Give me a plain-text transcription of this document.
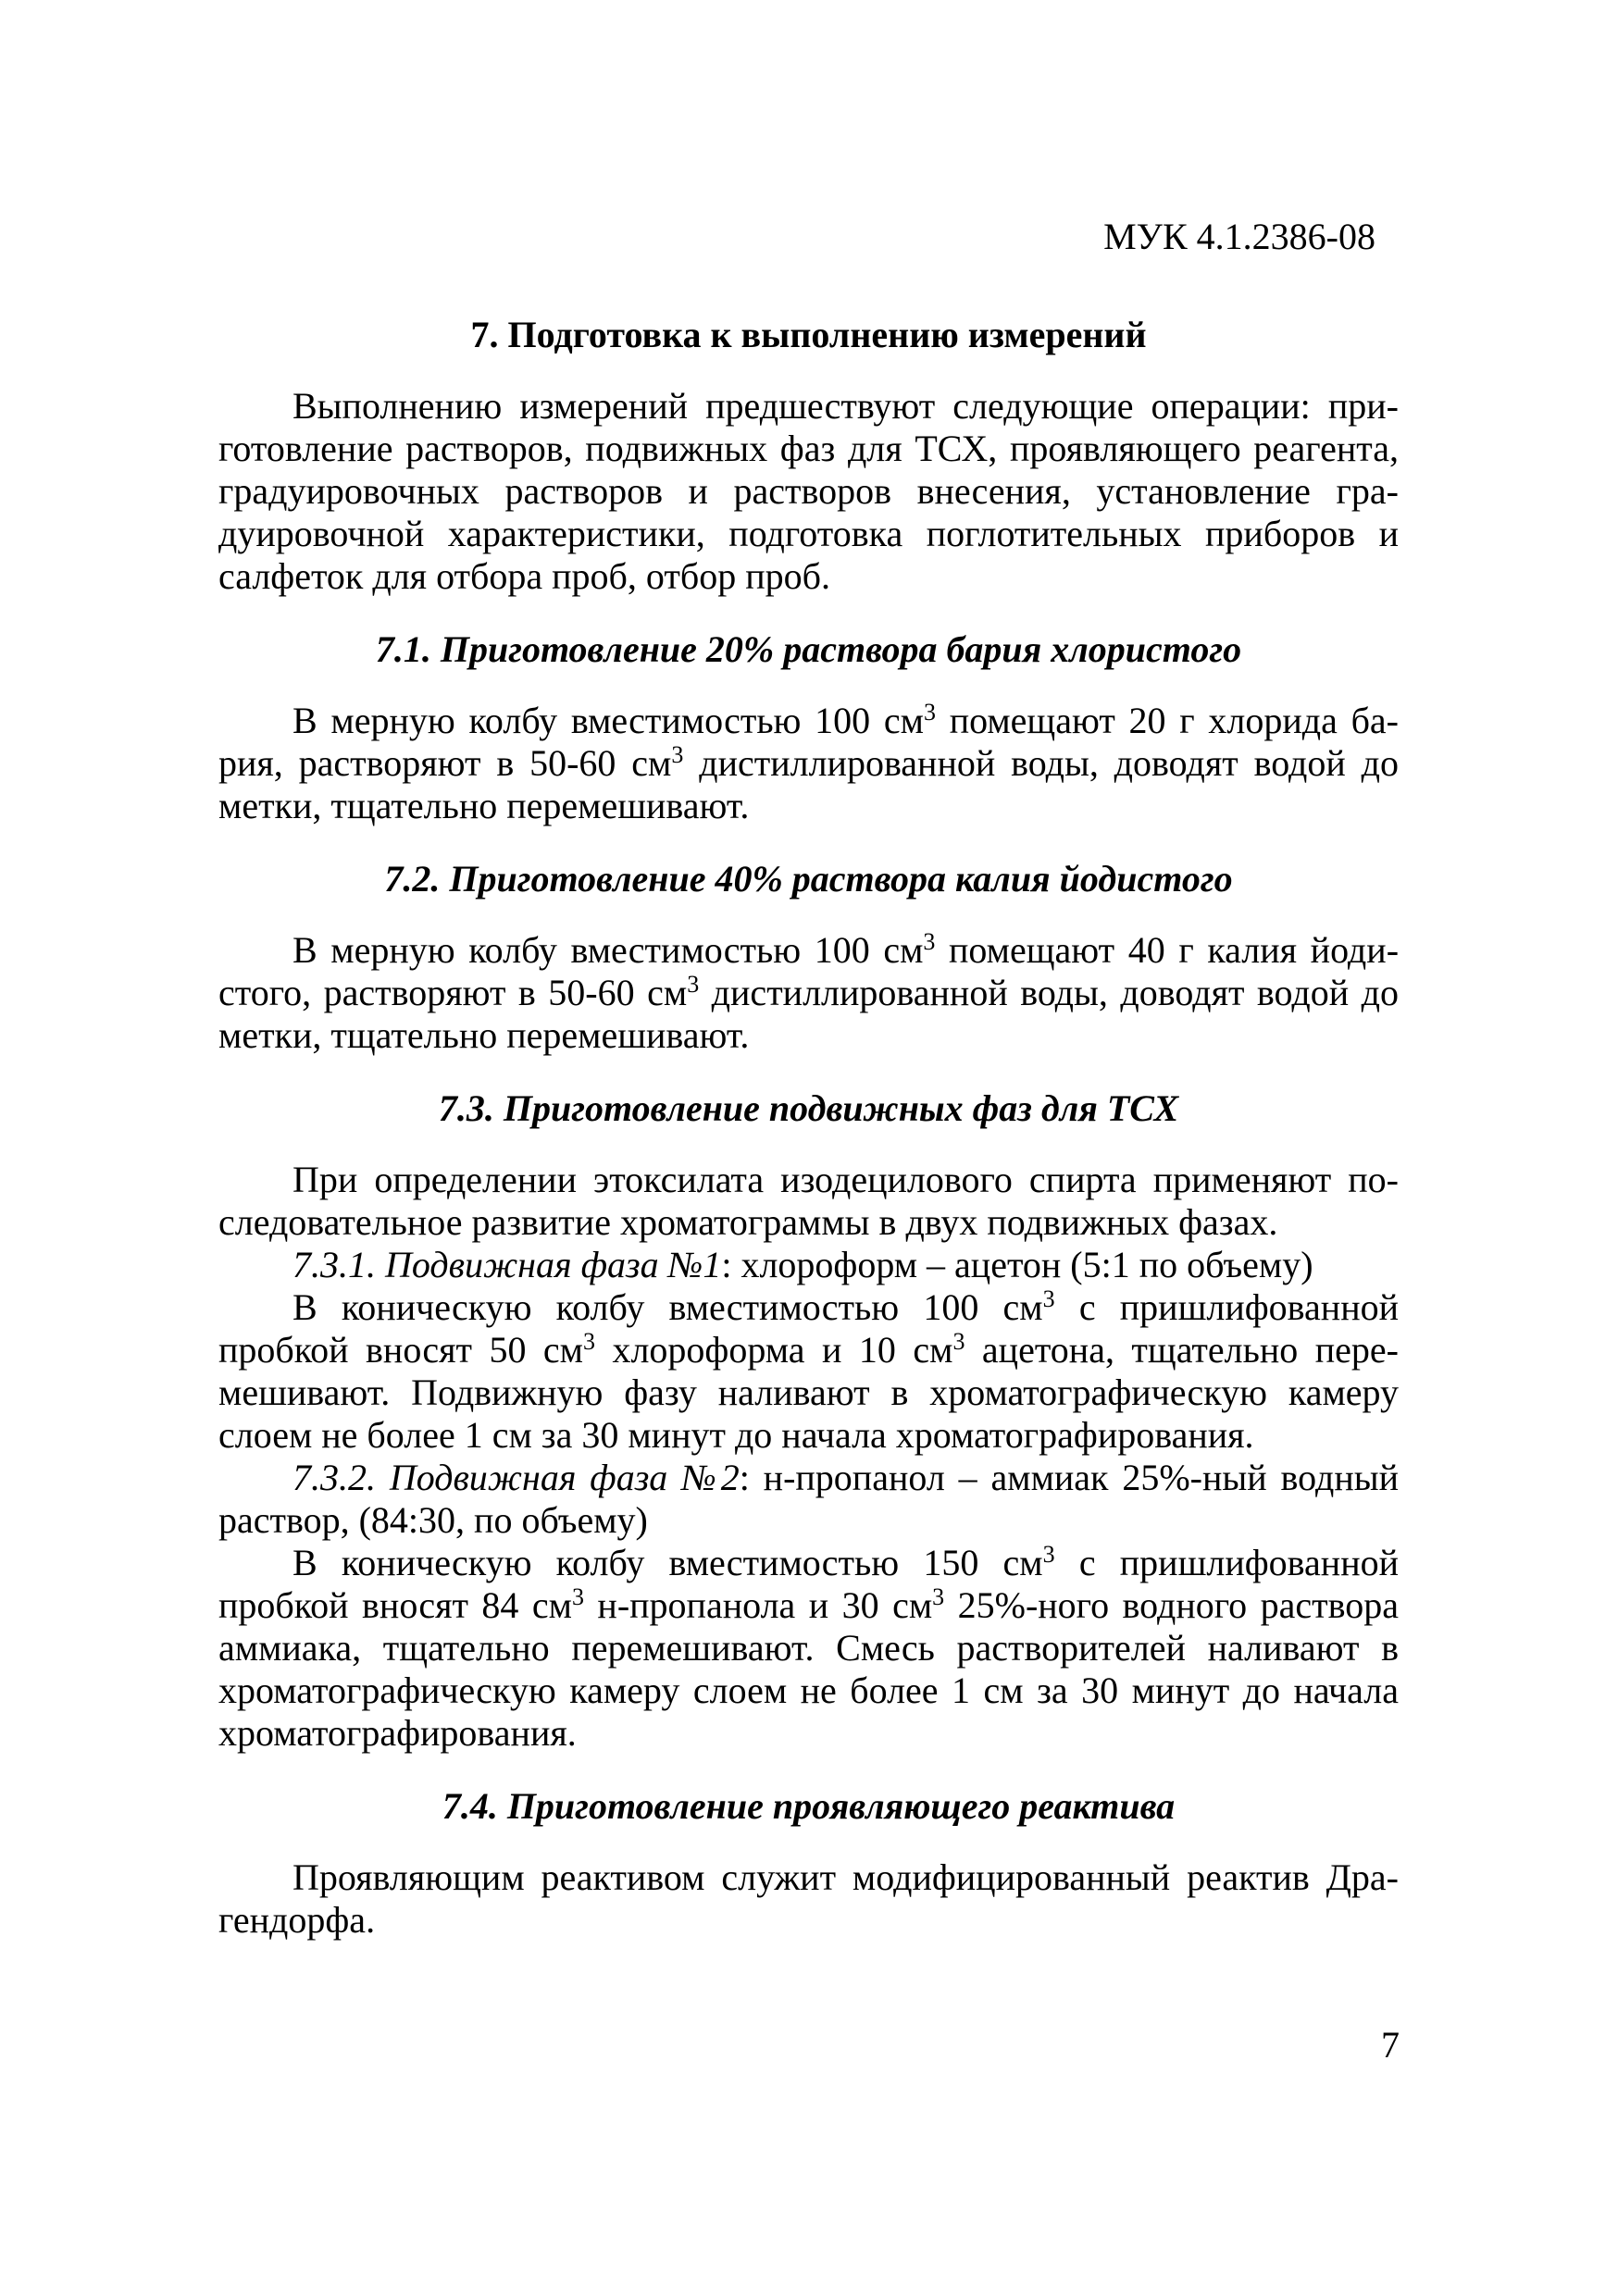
МУК 4.1.2386-08
7. Подготовка к выполнению измерений

Выполнению измерений предшествуют следующие операции: приготовление растворов, подвижных фаз для ТСХ, проявляющего реагента, градуировочных растворов и растворов внесения, установление градуировочной характеристики, подготовка поглотительных приборов и салфеток для отбора проб, отбор проб.

7.1. Приготовление 20% раствора бария хлористого

В мерную колбу вместимостью 100 $см^3$ помещают 20 г хлорида бария, растворяют в 50-60 $см^3$ дистиллированной воды, доводят водой до метки, тщательно перемешивают.

7.2. Приготовление 40% раствора калия йодистого

В мерную колбу вместимостью 100 $см^3$ помещают 40 г калия йодистого, растворяют в 50-60 $см^3$ дистиллированной воды, доводят водой до метки, тщательно перемешивают.

7.3. Приготовление подвижных фаз для ТСХ

При определении этоксилата изодецилового спирта применяют последовательное развитие хроматограммы в двух подвижных фазах.

7.3.1. Подвижная фаза №1: хлороформ – ацетон (5:1 по объему)

В коническую колбу вместимостью 100 $см^3$ с пришлифованной пробкой вносят 50 $см^3$ хлороформа и 10 $см^3$ ацетона, тщательно перемешивают. Подвижную фазу наливают в хроматографическую камеру слоем не более 1 см за 30 минут до начала хроматографирования.

7.3.2. Подвижная фаза №2: н-пропанол – аммиак 25%-ный водный раствор, (84:30, по объему)

В коническую колбу вместимостью 150 $см^3$ с пришлифованной пробкой вносят 84 $см^3$ н-пропанола и 30 $см^3$ 25%-ного водного раствора аммиака, тщательно перемешивают. Смесь растворителей наливают в хроматографическую камеру слоем не более 1 см за 30 минут до начала хроматографирования.

7.4. Приготовление проявляющего реактива

Проявляющим реактивом служит модифицированный реактив Драгендорфа.

7
